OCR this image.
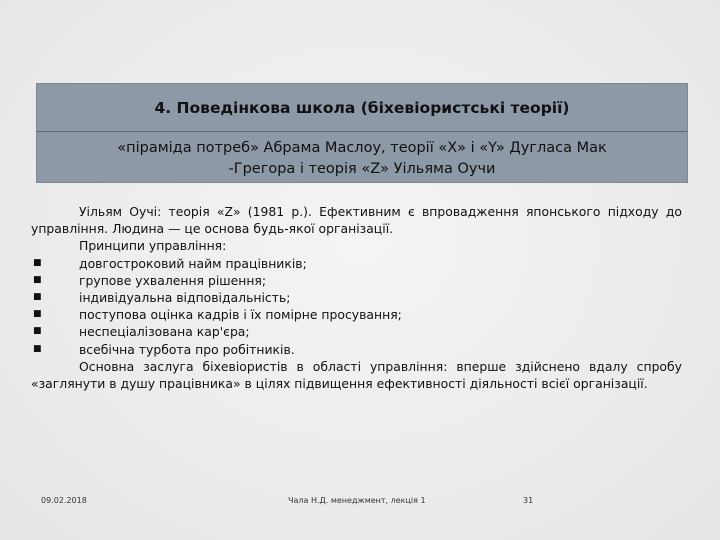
4. Поведінкова школа (біхевіористські теорії)
«піраміда потреб» Абрама Маслоу, теорії «Х» і «Y» Дугласа Мак
-Грегора і теорія «Z» Уільяма Оучи

Уільям Оучі: теорія «Z» (1981 р.). Ефективним є впровадження японського підходу до управління. Людина — це основа будь-якої організації.

Принципи управління:

■	довгостроковий найм працівників;
■	групове ухвалення рішення;
■	індивідуальна відповідальність;
■	поступова оцінка кадрів і їх помірне просування;
■	неспеціалізована кар'єра;
■	всебічна турбота про робітників.

Основна заслуга біхевіористів в області управління: вперше здійснено вдалу спробу «заглянути в душу працівника» в цілях підвищення ефективності діяльності всієї організації.

09.02.2018	Чала Н.Д. менеджмент, лекція 1	31
